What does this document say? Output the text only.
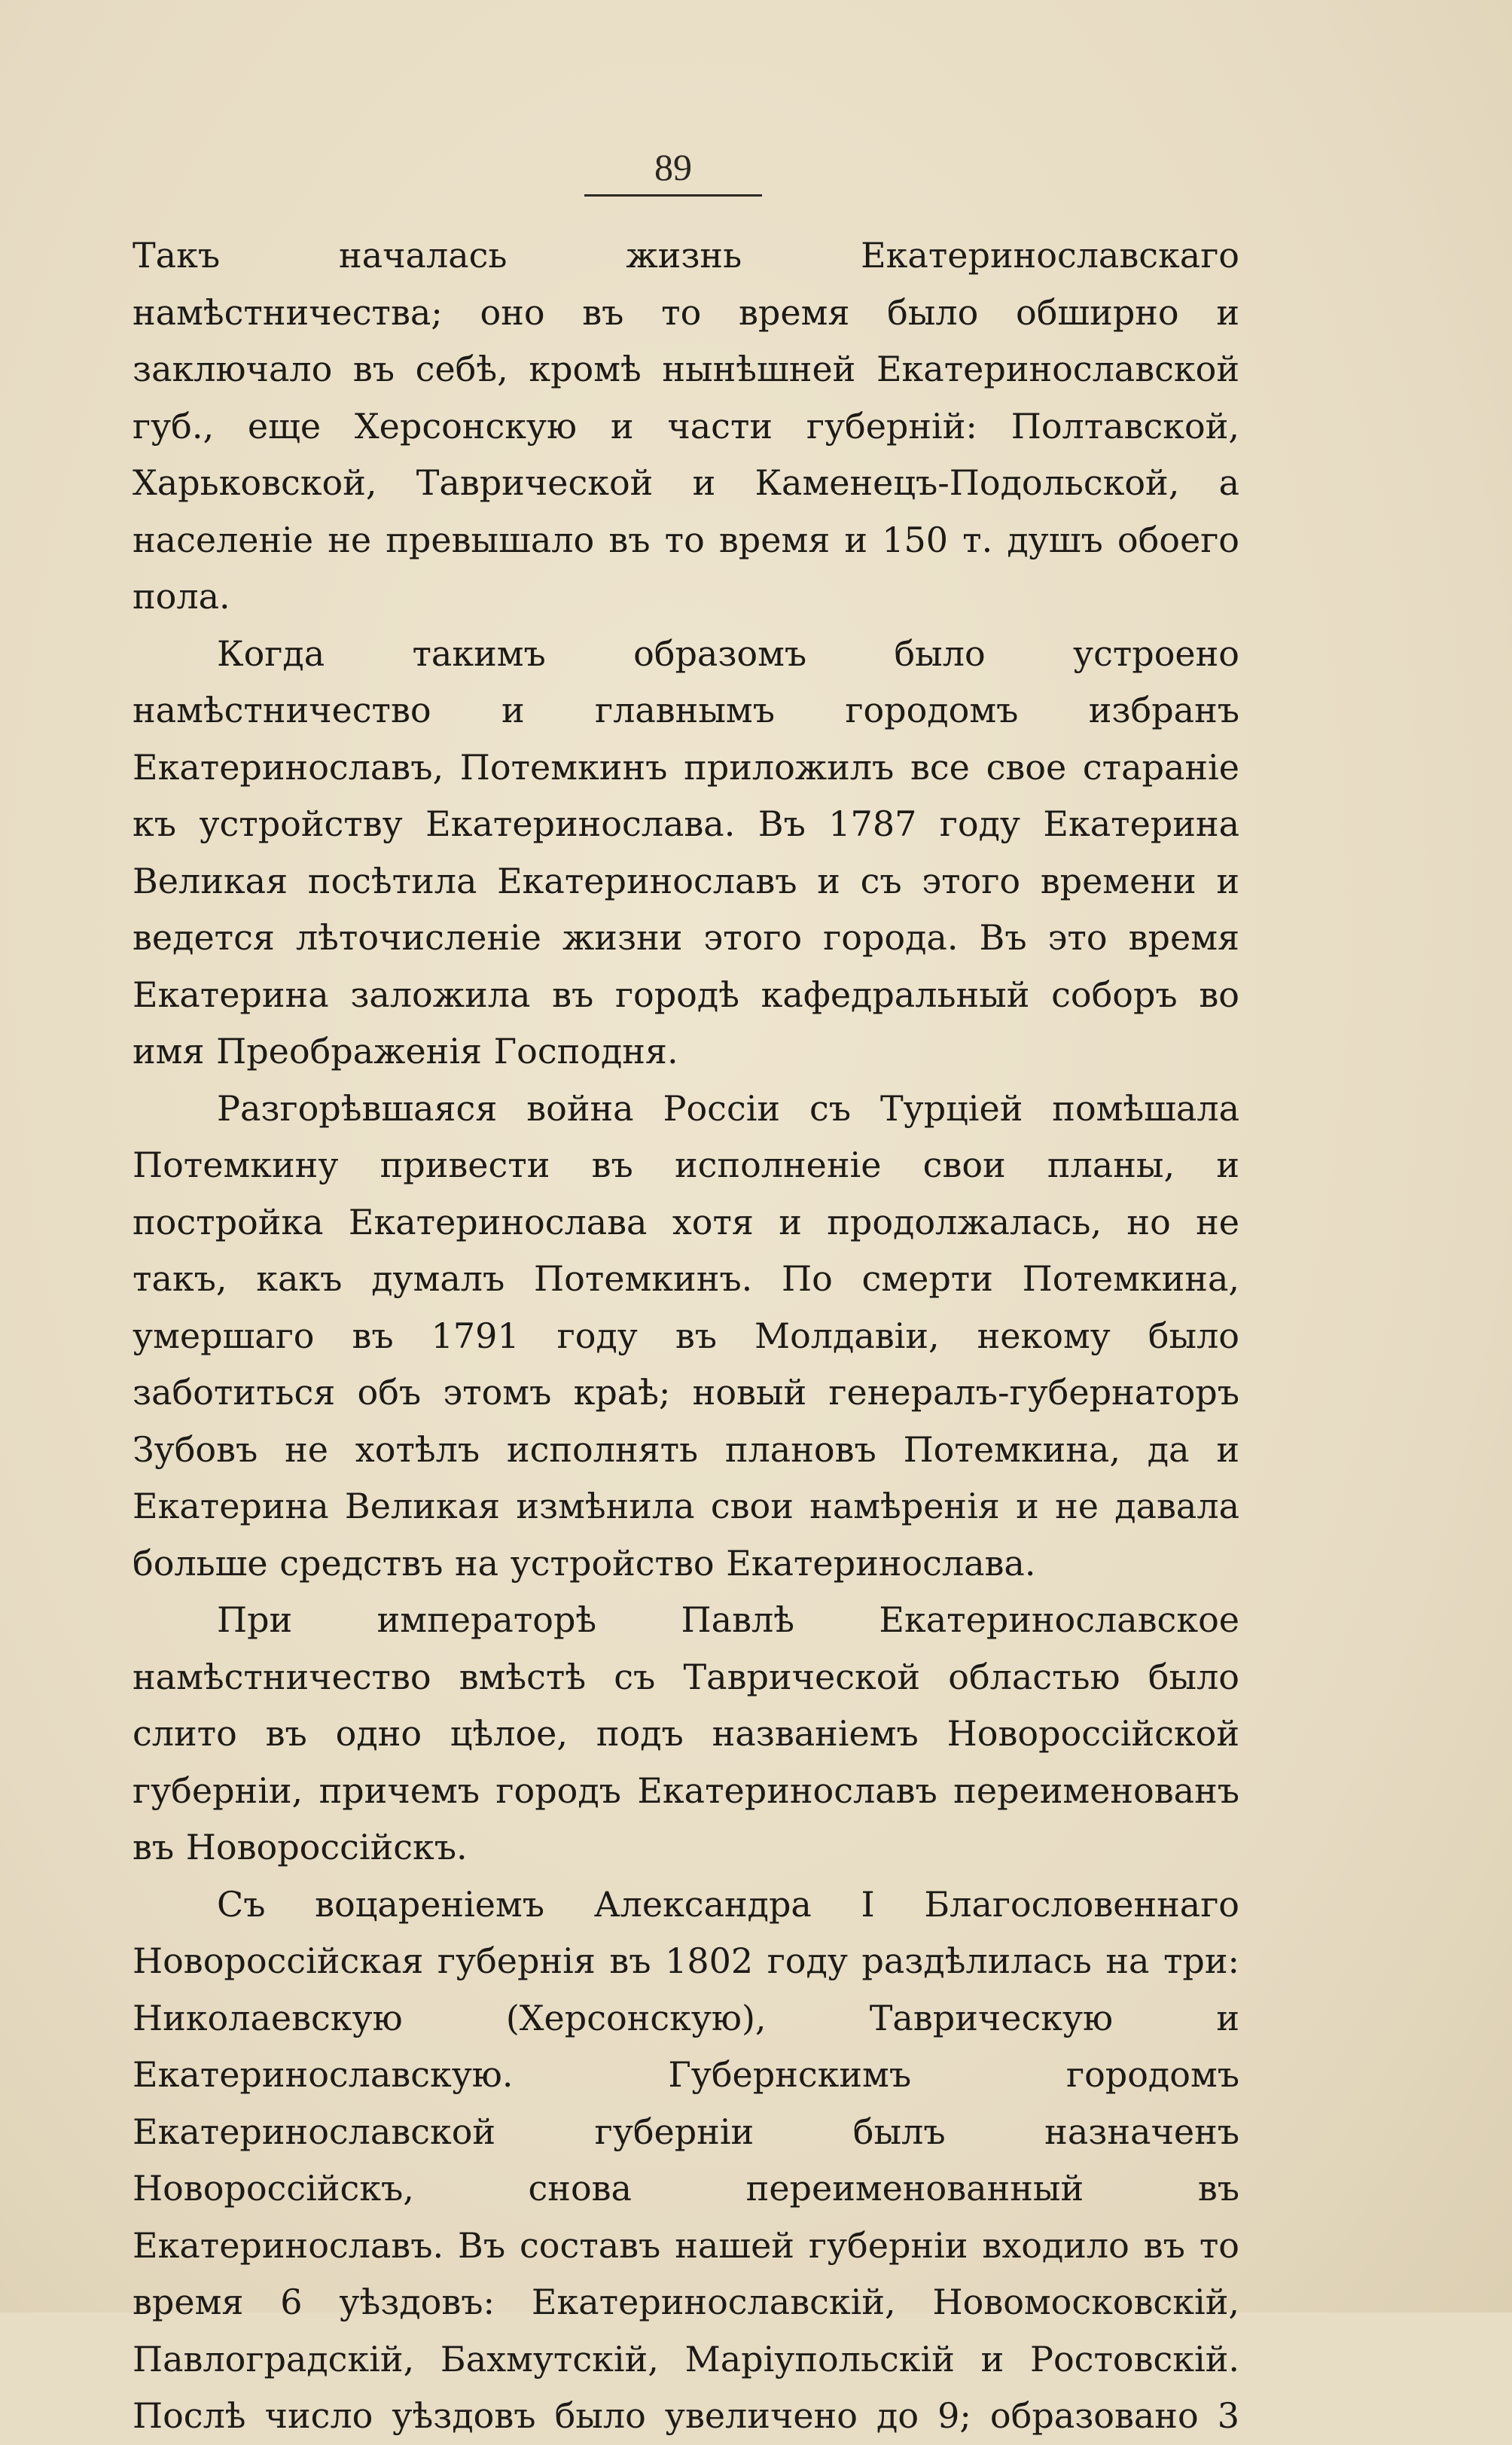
89

Такъ началась жизнь Екатеринославскаго намѣстничества; оно въ то время было обширно и заключало въ себѣ, кромѣ нынѣшней Екатеринославской губ., еще Херсонскую и части губерній: Полтавской, Харьковской, Таврической и Каменецъ-Подольской, а населеніе не превышало въ то время и 150 т. душъ обоего пола.

Когда такимъ образомъ было устроено намѣстничество и главнымъ городомъ избранъ Екатеринославъ, Потемкинъ приложилъ все свое стараніе къ устройству Екатеринослава. Въ 1787 году Екатерина Великая посѣтила Екатеринославъ и съ этого времени и ведется лѣточисленіе жизни этого города. Въ это время Екатерина заложила въ городѣ кафедральный соборъ во имя Преображенія Господня.

Разгорѣвшаяся война Россіи съ Турціей помѣшала Потемкину привести въ исполненіе свои планы, и постройка Екатеринослава хотя и продолжалась, но не такъ, какъ думалъ Потемкинъ. По смерти Потемкина, умершаго въ 1791 году въ Молдавіи, некому было заботиться объ этомъ краѣ; новый генералъ-губернаторъ Зубовъ не хотѣлъ исполнять плановъ Потемкина, да и Екатерина Великая измѣнила свои намѣренія и не давала больше средствъ на устройство Екатеринослава.

При императорѣ Павлѣ Екатеринославское намѣстничество вмѣстѣ съ Таврической областью было слито въ одно цѣлое, подъ названіемъ Новороссійской губерніи, причемъ городъ Екатеринославъ переименованъ въ Новороссійскъ.

Съ воцареніемъ Александра I Благословеннаго Новороссійская губернія въ 1802 году раздѣлилась на три: Николаевскую (Херсонскую), Таврическую и Екатеринославскую. Губернскимъ городомъ Екатеринославской губерніи былъ назначенъ Новороссійскъ, снова переименованный въ Екатеринославъ. Въ составъ нашей губерніи входило въ то время 6 уѣздовъ: Екатеринославскій, Новомосковскій, Павлоградскій, Бахмутскій, Маріупольскій и Ростовскій. Послѣ число уѣздовъ было увеличено до 9; образовано 3
